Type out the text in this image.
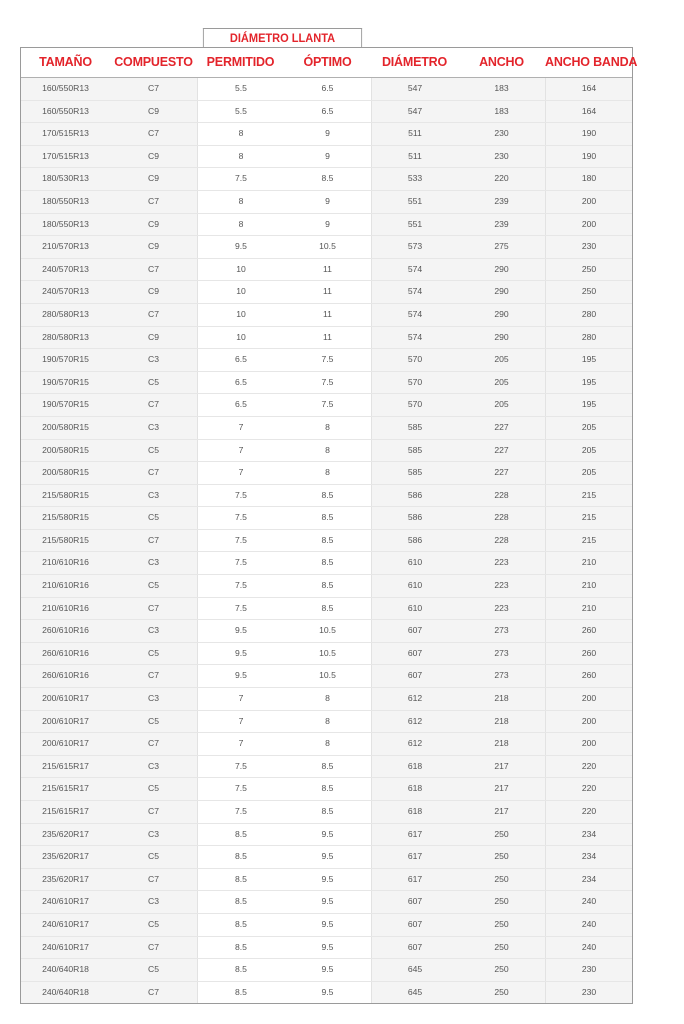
DIÁMETRO LLANTA
TAMAÑO	COMPUESTO	PERMITIDO	ÓPTIMO	DIÁMETRO	ANCHO	ANCHO BANDA
160/550R13	C7	5.5	6.5	547	183	164
160/550R13	C9	5.5	6.5	547	183	164
170/515R13	C7	8	9	511	230	190
170/515R13	C9	8	9	511	230	190
180/530R13	C9	7.5	8.5	533	220	180
180/550R13	C7	8	9	551	239	200
180/550R13	C9	8	9	551	239	200
210/570R13	C9	9.5	10.5	573	275	230
240/570R13	C7	10	11	574	290	250
240/570R13	C9	10	11	574	290	250
280/580R13	C7	10	11	574	290	280
280/580R13	C9	10	11	574	290	280
190/570R15	C3	6.5	7.5	570	205	195
190/570R15	C5	6.5	7.5	570	205	195
190/570R15	C7	6.5	7.5	570	205	195
200/580R15	C3	7	8	585	227	205
200/580R15	C5	7	8	585	227	205
200/580R15	C7	7	8	585	227	205
215/580R15	C3	7.5	8.5	586	228	215
215/580R15	C5	7.5	8.5	586	228	215
215/580R15	C7	7.5	8.5	586	228	215
210/610R16	C3	7.5	8.5	610	223	210
210/610R16	C5	7.5	8.5	610	223	210
210/610R16	C7	7.5	8.5	610	223	210
260/610R16	C3	9.5	10.5	607	273	260
260/610R16	C5	9.5	10.5	607	273	260
260/610R16	C7	9.5	10.5	607	273	260
200/610R17	C3	7	8	612	218	200
200/610R17	C5	7	8	612	218	200
200/610R17	C7	7	8	612	218	200
215/615R17	C3	7.5	8.5	618	217	220
215/615R17	C5	7.5	8.5	618	217	220
215/615R17	C7	7.5	8.5	618	217	220
235/620R17	C3	8.5	9.5	617	250	234
235/620R17	C5	8.5	9.5	617	250	234
235/620R17	C7	8.5	9.5	617	250	234
240/610R17	C3	8.5	9.5	607	250	240
240/610R17	C5	8.5	9.5	607	250	240
240/610R17	C7	8.5	9.5	607	250	240
240/640R18	C5	8.5	9.5	645	250	230
240/640R18	C7	8.5	9.5	645	250	230
